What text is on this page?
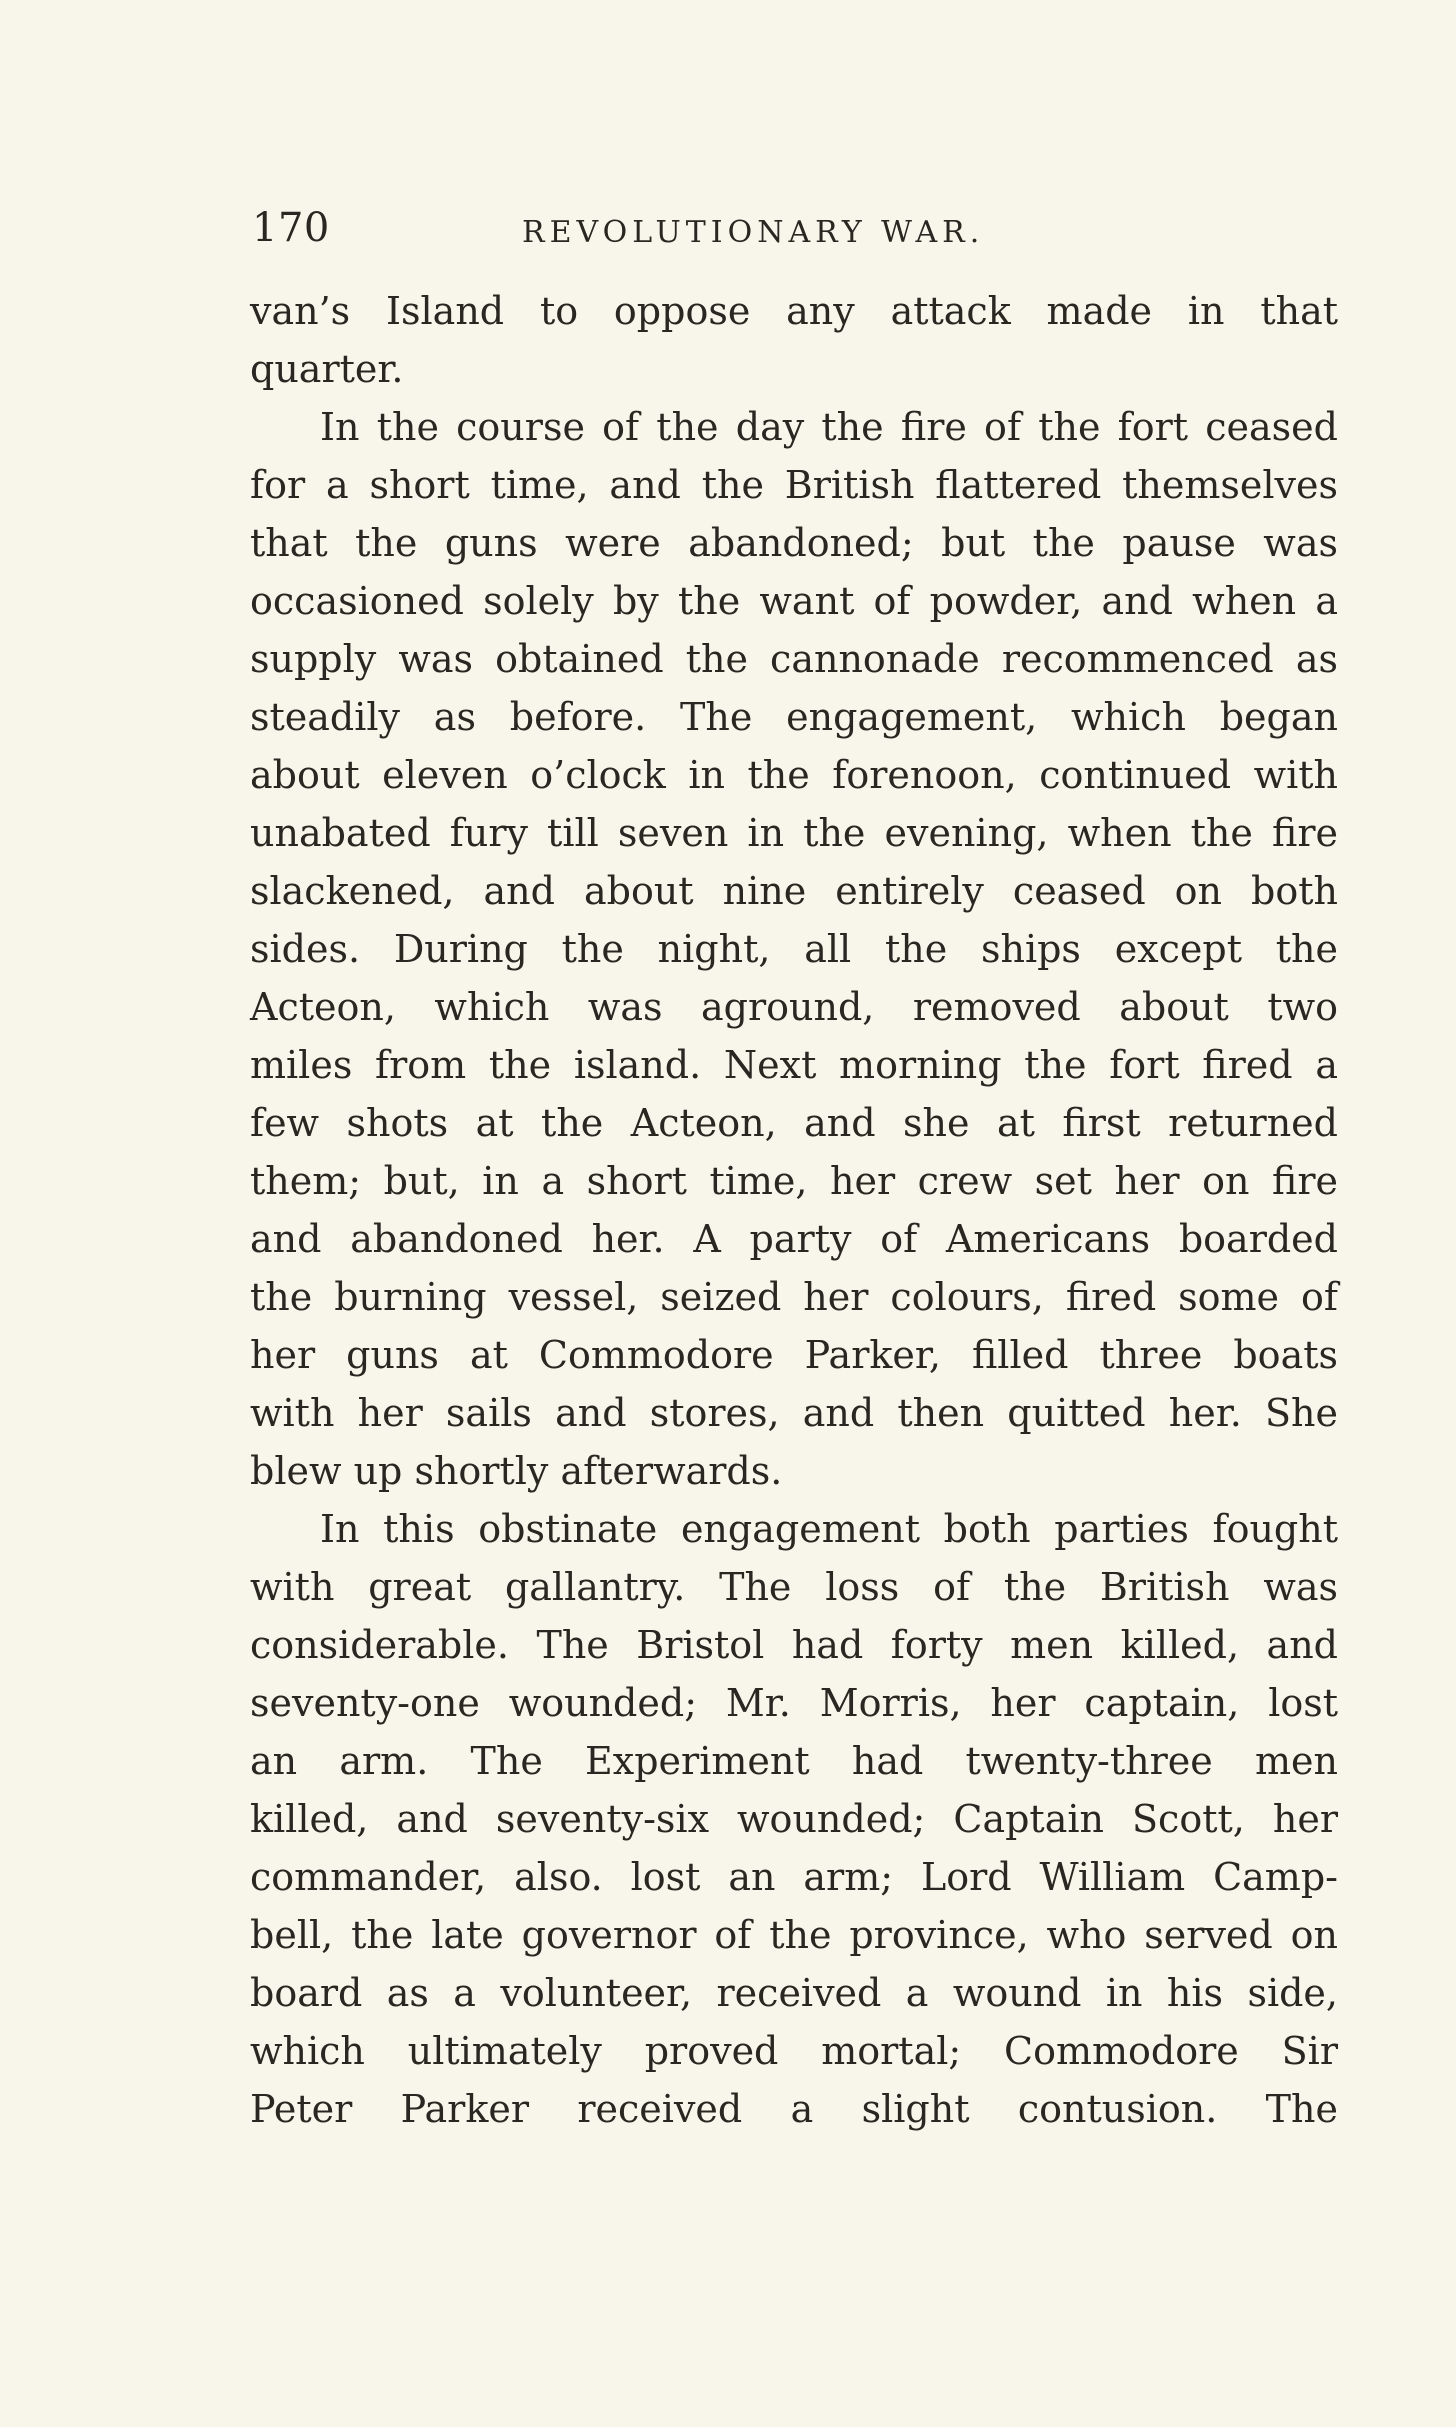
170	REVOLUTIONARY WAR.
van’s Island to oppose any attack made in that
quarter.
In the course of the day the fire of the fort ceased
for a short time, and the British flattered themselves
that the guns were abandoned; but the pause was
occasioned solely by the want of powder, and when a
supply was obtained the cannonade recommenced as
steadily as before. The engagement, which began
about eleven o’clock in the forenoon, continued with
unabated fury till seven in the evening, when the fire
slackened, and about nine entirely ceased on both
sides. During the night, all the ships except the
Acteon, which was aground, removed about two
miles from the island. Next morning the fort fired a
few shots at the Acteon, and she at first returned
them; but, in a short time, her crew set her on fire
and abandoned her. A party of Americans boarded
the burning vessel, seized her colours, fired some of
her guns at Commodore Parker, filled three boats
with her sails and stores, and then quitted her. She
blew up shortly afterwards.
In this obstinate engagement both parties fought
with great gallantry. The loss of the British was
considerable. The Bristol had forty men killed, and
seventy-one wounded; Mr. Morris, her captain, lost
an arm. The Experiment had twenty-three men
killed, and seventy-six wounded; Captain Scott, her
commander, also. lost an arm; Lord William Camp-
bell, the late governor of the province, who served on
board as a volunteer, received a wound in his side,
which ultimately proved mortal; Commodore Sir
Peter Parker received a slight contusion. The
